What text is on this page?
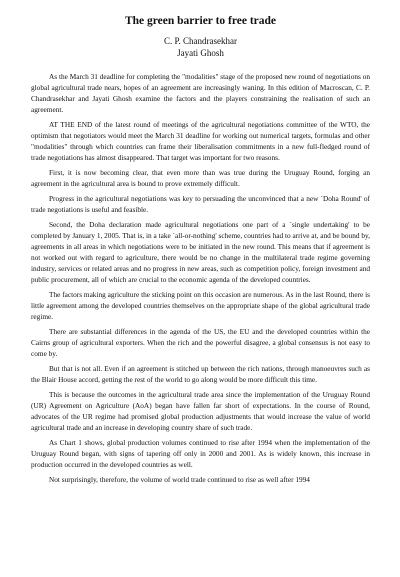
The green barrier to free trade

C. P. Chandrasekhar

Jayati Ghosh

As the March 31 deadline for completing the "modalities" stage of the proposed new round of negotiations on global agricultural trade nears, hopes of an agreement are increasingly waning. In this edition of Macroscan, C. P. Chandrasekhar and Jayati Ghosh examine the factors and the players constraining the realisation of such an agreement.

AT THE END of the latest round of meetings of the agricultural negotiations committee of the WTO, the optimism that negotiators would meet the March 31 deadline for working out numerical targets, formulas and other "modalities" through which countries can frame their liberalisation commitments in a new full-fledged round of trade negotiations has almost disappeared. That target was important for two reasons.

First, it is now becoming clear, that even more than was true during the Uruguay Round, forging an agreement in the agricultural area is bound to prove extremely difficult.

Progress in the agricultural negotiations was key to persuading the unconvinced that a new `Doha Round' of trade negotiations is useful and feasible.

Second, the Doha declaration made agricultural negotiations one part of a `single undertaking' to be completed by January 1, 2005. That is, in a take `all-or-nothing' scheme, countries had to arrive at, and be bound by, agreements in all areas in which negotiations were to be initiated in the new round. This means that if agreement is not worked out with regard to agriculture, there would be no change in the multilateral trade regime governing industry, services or related areas and no progress in new areas, such as competition policy, foreign investment and public procurement, all of which are crucial to the economic agenda of the developed countries.

The factors making agriculture the sticking point on this occasion are numerous. As in the last Round, there is little agreement among the developed countries themselves on the appropriate shape of the global agricultural trade regime.

There are substantial differences in the agenda of the US, the EU and the developed countries within the Cairns group of agricultural exporters. When the rich and the powerful disagree, a global consensus is not easy to come by.

But that is not all. Even if an agreement is stitched up between the rich nations, through manoeuvres such as the Blair House accord, getting the rest of the world to go along would be more difficult this time.

This is because the outcomes in the agricultural trade area since the implementation of the Uruguay Round (UR) Agreement on Agriculture (AoA) began have fallen far short of expectations. In the course of Round, advocates of the UR regime had promised global production adjustments that would increase the value of world agricultural trade and an increase in developing country share of such trade.

As Chart 1 shows, global production volumes continued to rise after 1994 when the implementation of the Uruguay Round began, with signs of tapering off only in 2000 and 2001. As is widely known, this increase in production occurred in the developed countries as well.

Not surprisingly, therefore, the volume of world trade continued to rise as well after 1994
